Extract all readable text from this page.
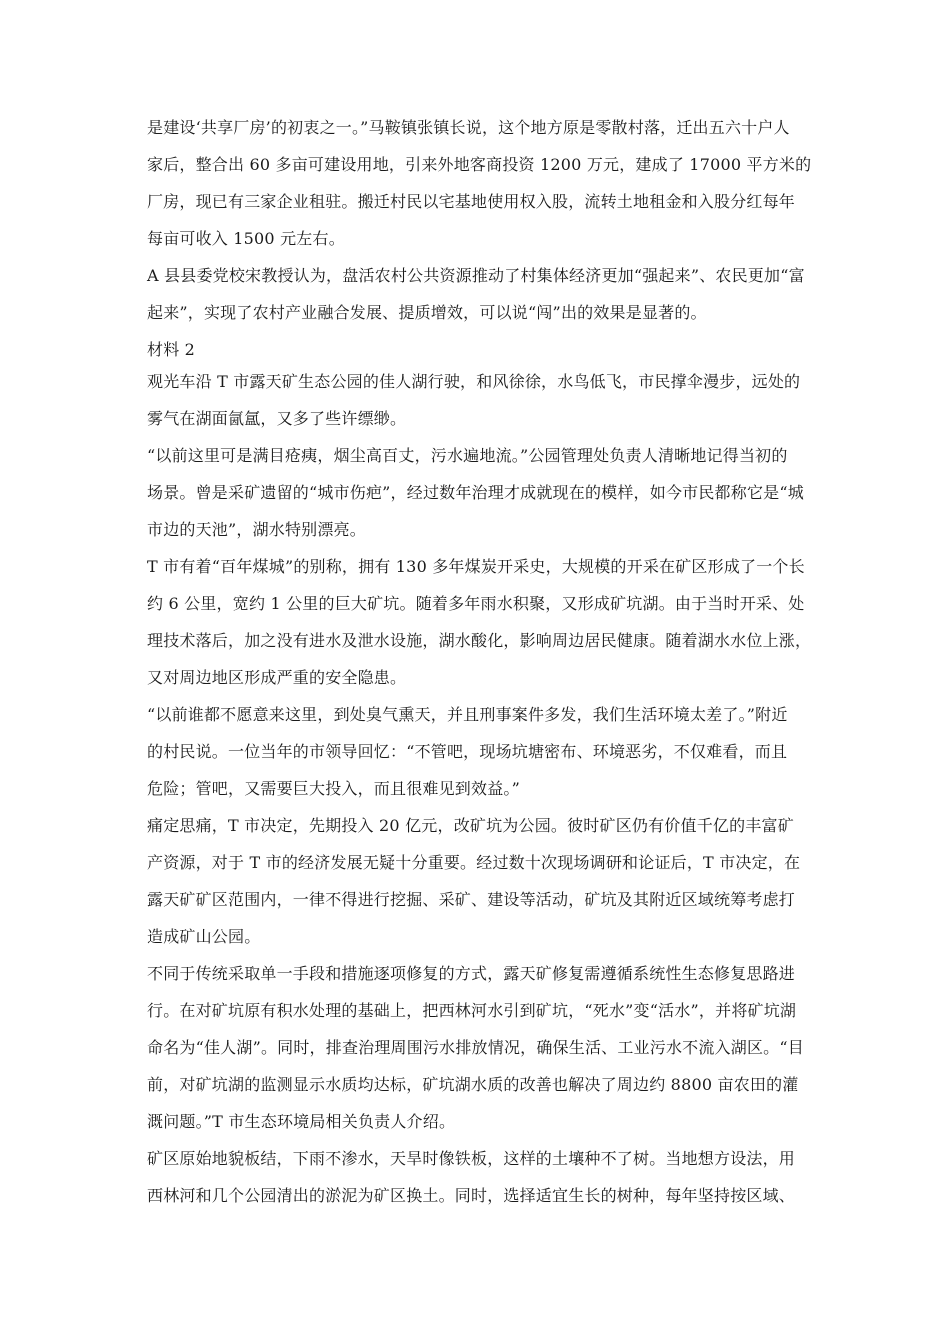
是建设‘共享厂房’的初衷之一。”马鞍镇张镇长说，这个地方原是零散村落，迁出五六十户人
家后，整合出 60 多亩可建设用地，引来外地客商投资 1200 万元，建成了 17000 平方米的
厂房，现已有三家企业租驻。搬迁村民以宅基地使用权入股，流转土地租金和入股分红每年
每亩可收入 1500 元左右。
A 县县委党校宋教授认为，盘活农村公共资源推动了村集体经济更加“强起来”、农民更加“富
起来”，实现了农村产业融合发展、提质增效，可以说“闯”出的效果是显著的。
材料 2
观光车沿 T 市露天矿生态公园的佳人湖行驶，和风徐徐，水鸟低飞，市民撑伞漫步，远处的
雾气在湖面氤氲，又多了些许缥缈。
“以前这里可是满目疮痍，烟尘高百丈，污水遍地流。”公园管理处负责人清晰地记得当初的
场景。曾是采矿遗留的“城市伤疤”，经过数年治理才成就现在的模样，如今市民都称它是“城
市边的天池”，湖水特别漂亮。
T 市有着“百年煤城”的别称，拥有 130 多年煤炭开采史，大规模的开采在矿区形成了一个长
约 6 公里，宽约 1 公里的巨大矿坑。随着多年雨水积聚，又形成矿坑湖。由于当时开采、处
理技术落后，加之没有进水及泄水设施，湖水酸化，影响周边居民健康。随着湖水水位上涨，
又对周边地区形成严重的安全隐患。
“以前谁都不愿意来这里，到处臭气熏天，并且刑事案件多发，我们生活环境太差了。”附近
的村民说。一位当年的市领导回忆：“不管吧，现场坑塘密布、环境恶劣，不仅难看，而且
危险；管吧，又需要巨大投入，而且很难见到效益。”
痛定思痛，T 市决定，先期投入 20 亿元，改矿坑为公园。彼时矿区仍有价值千亿的丰富矿
产资源，对于 T 市的经济发展无疑十分重要。经过数十次现场调研和论证后，T 市决定，在
露天矿矿区范围内，一律不得进行挖掘、采矿、建设等活动，矿坑及其附近区域统筹考虑打
造成矿山公园。
不同于传统采取单一手段和措施逐项修复的方式，露天矿修复需遵循系统性生态修复思路进
行。在对矿坑原有积水处理的基础上，把西林河水引到矿坑，“死水”变“活水”，并将矿坑湖
命名为“佳人湖”。同时，排查治理周围污水排放情况，确保生活、工业污水不流入湖区。“目
前，对矿坑湖的监测显示水质均达标，矿坑湖水质的改善也解决了周边约 8800 亩农田的灌
溉问题。”T 市生态环境局相关负责人介绍。
矿区原始地貌板结，下雨不渗水，天旱时像铁板，这样的土壤种不了树。当地想方设法，用
西林河和几个公园清出的淤泥为矿区换土。同时，选择适宜生长的树种，每年坚持按区域、
